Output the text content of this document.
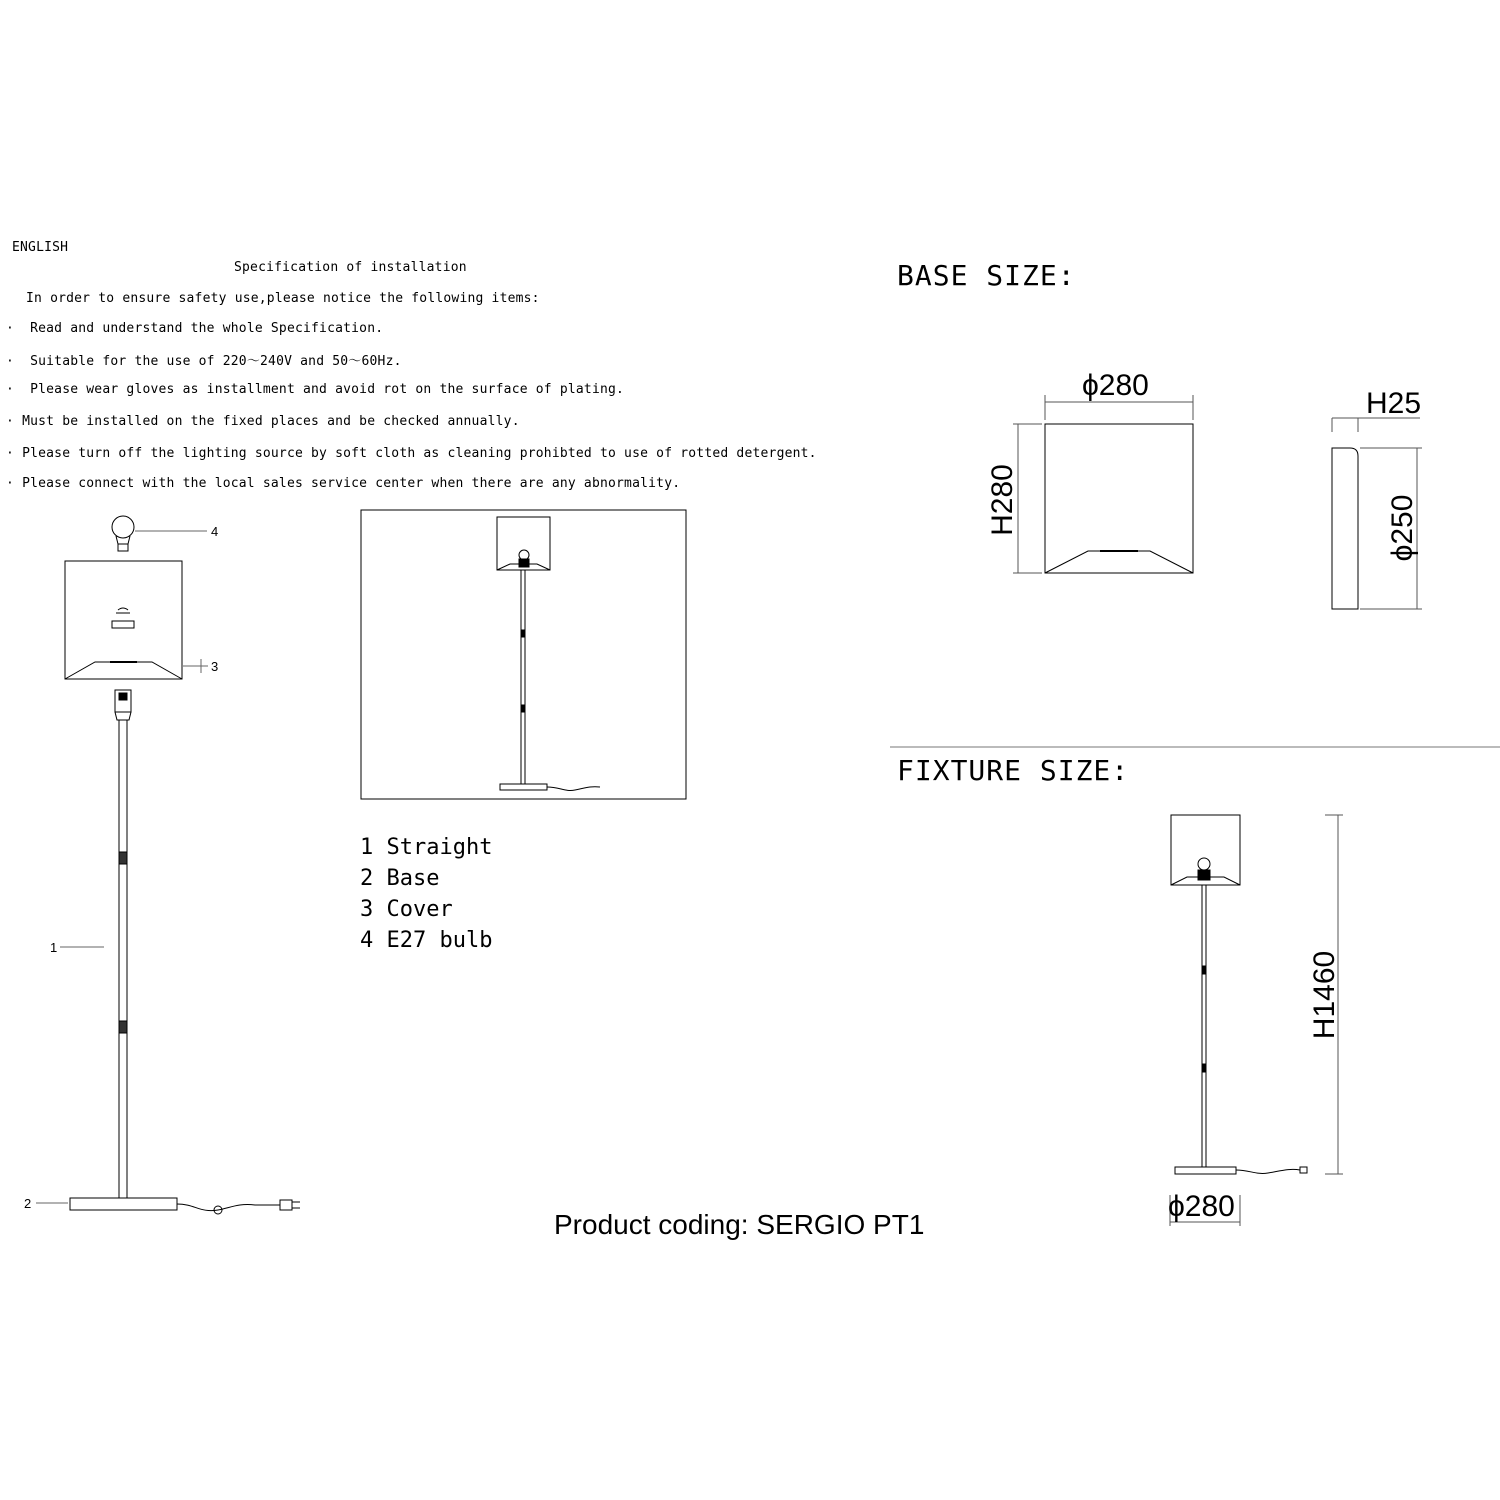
ENGLISH
Specification of installation
In order to ensure safety use,please notice the following items:
· Read and understand the whole Specification.
· Suitable for the use of 220～240V and 50～60Hz.
· Please wear gloves as installment and avoid rot on the surface of plating.
· Must be installed on the fixed places and be checked annually.
· Please turn off the lighting source by soft cloth as cleaning prohibted to use of rotted detergent.
· Please connect with the local sales service center when there are any abnormality.
4
3
1
2
1 Straight
2 Base
3 Cover
4 E27 bulb
BASE SIZE:
ϕ280
H280
H25
ϕ250
FIXTURE SIZE:
H1460
ϕ280
Product coding: SERGIO PT1
